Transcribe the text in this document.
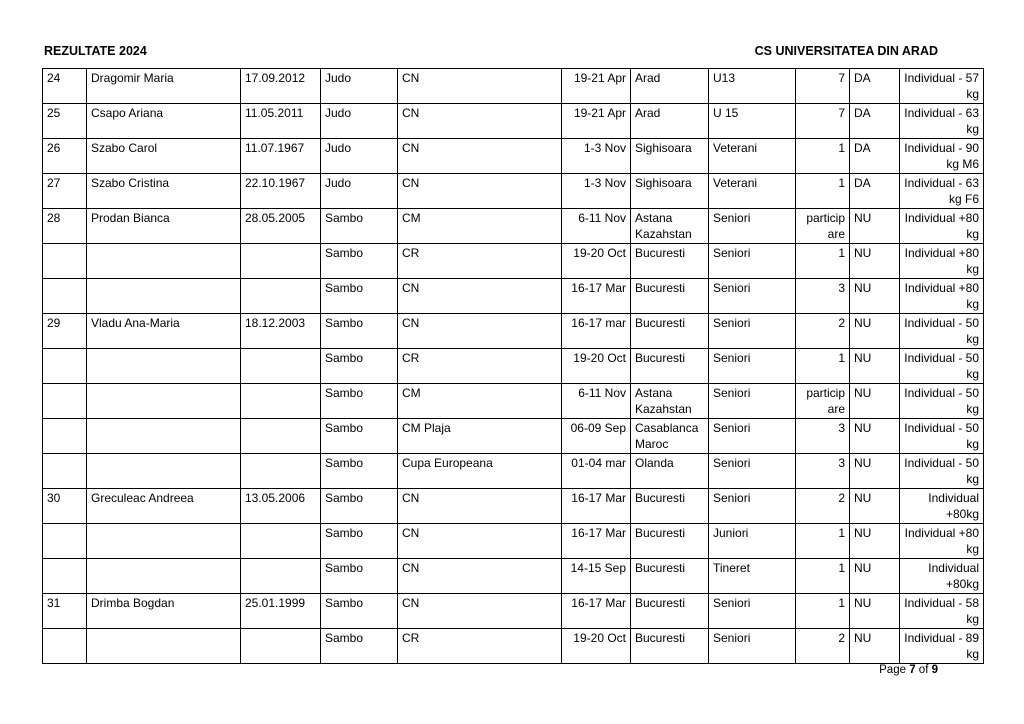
REZULTATE 2024	CS UNIVERSITATEA DIN ARAD
24	Dragomir Maria	17.09.2012	Judo	CN	19-21 Apr	Arad	U13	7	DA	Individual - 57 kg
25	Csapo Ariana	11.05.2011	Judo	CN	19-21 Apr	Arad	U 15	7	DA	Individual - 63 kg
26	Szabo Carol	11.07.1967	Judo	CN	1-3 Nov	Sighisoara	Veterani	1	DA	Individual - 90 kg M6
27	Szabo Cristina	22.10.1967	Judo	CN	1-3 Nov	Sighisoara	Veterani	1	DA	Individual - 63 kg F6
28	Prodan Bianca	28.05.2005	Sambo	CM	6-11 Nov	Astana Kazahstan	Seniori	particip are	NU	Individual +80 kg
			Sambo	CR	19-20 Oct	Bucuresti	Seniori	1	NU	Individual +80 kg
			Sambo	CN	16-17 Mar	Bucuresti	Seniori	3	NU	Individual +80 kg
29	Vladu Ana-Maria	18.12.2003	Sambo	CN	16-17 mar	Bucuresti	Seniori	2	NU	Individual - 50 kg
			Sambo	CR	19-20 Oct	Bucuresti	Seniori	1	NU	Individual - 50 kg
			Sambo	CM	6-11 Nov	Astana Kazahstan	Seniori	particip are	NU	Individual - 50 kg
			Sambo	CM Plaja	06-09 Sep	Casablanca Maroc	Seniori	3	NU	Individual - 50 kg
			Sambo	Cupa Europeana	01-04 mar	Olanda	Seniori	3	NU	Individual - 50 kg
30	Greculeac Andreea	13.05.2006	Sambo	CN	16-17 Mar	Bucuresti	Seniori	2	NU	Individual +80kg
			Sambo	CN	16-17 Mar	Bucuresti	Juniori	1	NU	Individual +80 kg
			Sambo	CN	14-15 Sep	Bucuresti	Tineret	1	NU	Individual +80kg
31	Drimba Bogdan	25.01.1999	Sambo	CN	16-17 Mar	Bucuresti	Seniori	1	NU	Individual - 58 kg
			Sambo	CR	19-20 Oct	Bucuresti	Seniori	2	NU	Individual - 89 kg
Page 7 of 9
